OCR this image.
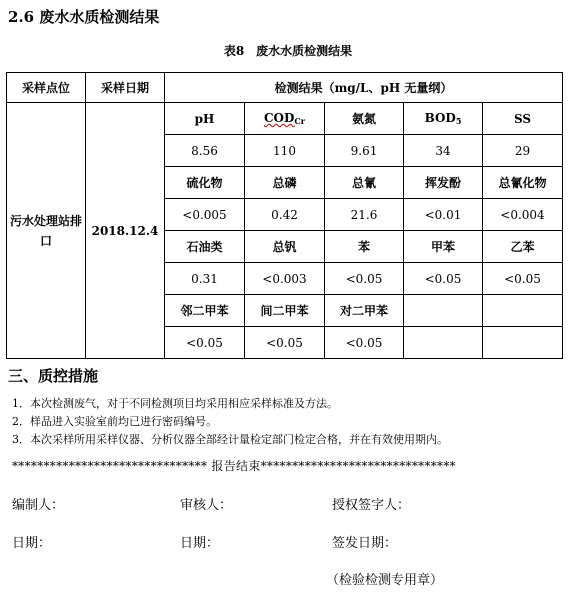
2.6 废水水质检测结果
表8　废水水质检测结果
采样点位	采样日期	检测结果（mg/L、pH 无量纲）				
污水处理站排口	2018.12.4	pH	$COD_{Cr}$	氨氮	$BOD_5$	SS
		8.56	110	9.61	34	29
		硫化物	总磷	总氰	挥发酚	总氰化物
		<0.005	0.42	21.6	<0.01	<0.004
		石油类	总钒	苯	甲苯	乙苯
		0.31	<0.003	<0.05	<0.05	<0.05
		邻二甲苯	间二甲苯	对二甲苯		
		<0.05	<0.05	<0.05		
三、质控措施
1．本次检测废气，对于不同检测项目均采用相应采样标准及方法。
2．样品进入实验室前均已进行密码编号。
3．本次采样所用采样仪器、分析仪器全部经计量检定部门检定合格，并在有效使用期内。
******************************* 报告结束*******************************
编制人：	审核人：	授权签字人：
日期：	日期：	签发日期：
（检验检测专用章）
